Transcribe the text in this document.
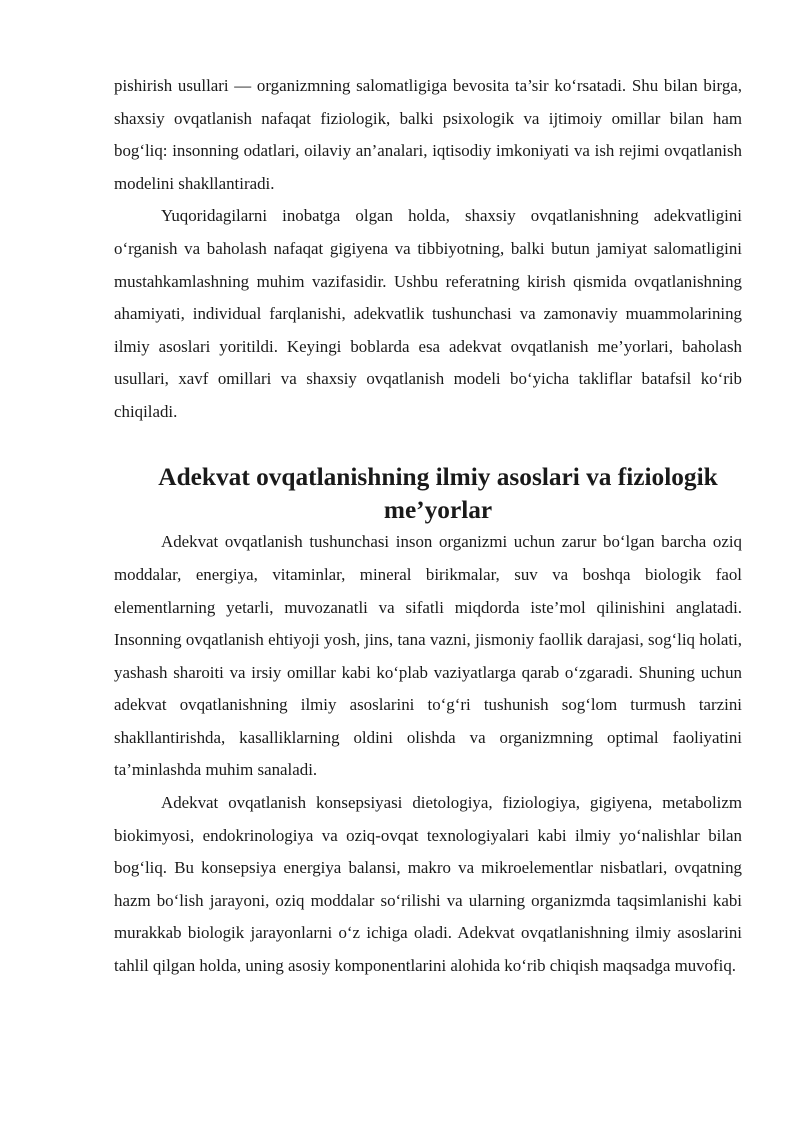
pishirish usullari — organizmning salomatligiga bevosita ta’sir ko‘rsatadi. Shu bilan birga, shaxsiy ovqatlanish nafaqat fiziologik, balki psixologik va ijtimoiy omillar bilan ham bog‘liq: insonning odatlari, oilaviy an’analari, iqtisodiy imkoniyati va ish rejimi ovqatlanish modelini shakllantiradi.

Yuqoridagilarni inobatga olgan holda, shaxsiy ovqatlanishning adekvatligini o‘rganish va baholash nafaqat gigiyena va tibbiyotning, balki butun jamiyat salomatligini mustahkamlashning muhim vazifasidir. Ushbu referatning kirish qismida ovqatlanishning ahamiyati, individual farqlanishi, adekvatlik tushunchasi va zamonaviy muammolarining ilmiy asoslari yoritildi. Keyingi boblarda esa adekvat ovqatlanish me’yorlari, baholash usullari, xavf omillari va shaxsiy ovqatlanish modeli bo‘yicha takliflar batafsil ko‘rib chiqiladi.

Adekvat ovqatlanishning ilmiy asoslari va fiziologik me’yorlar

Adekvat ovqatlanish tushunchasi inson organizmi uchun zarur bo‘lgan barcha oziq moddalar, energiya, vitaminlar, mineral birikmalar, suv va boshqa biologik faol elementlarning yetarli, muvozanatli va sifatli miqdorda iste’mol qilinishini anglatadi. Insonning ovqatlanish ehtiyoji yosh, jins, tana vazni, jismoniy faollik darajasi, sog‘liq holati, yashash sharoiti va irsiy omillar kabi ko‘plab vaziyatlarga qarab o‘zgaradi. Shuning uchun adekvat ovqatlanishning ilmiy asoslarini to‘g‘ri tushunish sog‘lom turmush tarzini shakllantirishda, kasalliklarning oldini olishda va organizmning optimal faoliyatini ta’minlashda muhim sanaladi.

Adekvat ovqatlanish konsepsiyasi dietologiya, fiziologiya, gigiyena, metabolizm biokimyosi, endokrinologiya va oziq-ovqat texnologiyalari kabi ilmiy yo‘nalishlar bilan bog‘liq. Bu konsepsiya energiya balansi, makro va mikroelementlar nisbatlari, ovqatning hazm bo‘lish jarayoni, oziq moddalar so‘rilishi va ularning organizmda taqsimlanishi kabi murakkab biologik jarayonlarni o‘z ichiga oladi. Adekvat ovqatlanishning ilmiy asoslarini tahlil qilgan holda, uning asosiy komponentlarini alohida ko‘rib chiqish maqsadga muvofiq.
